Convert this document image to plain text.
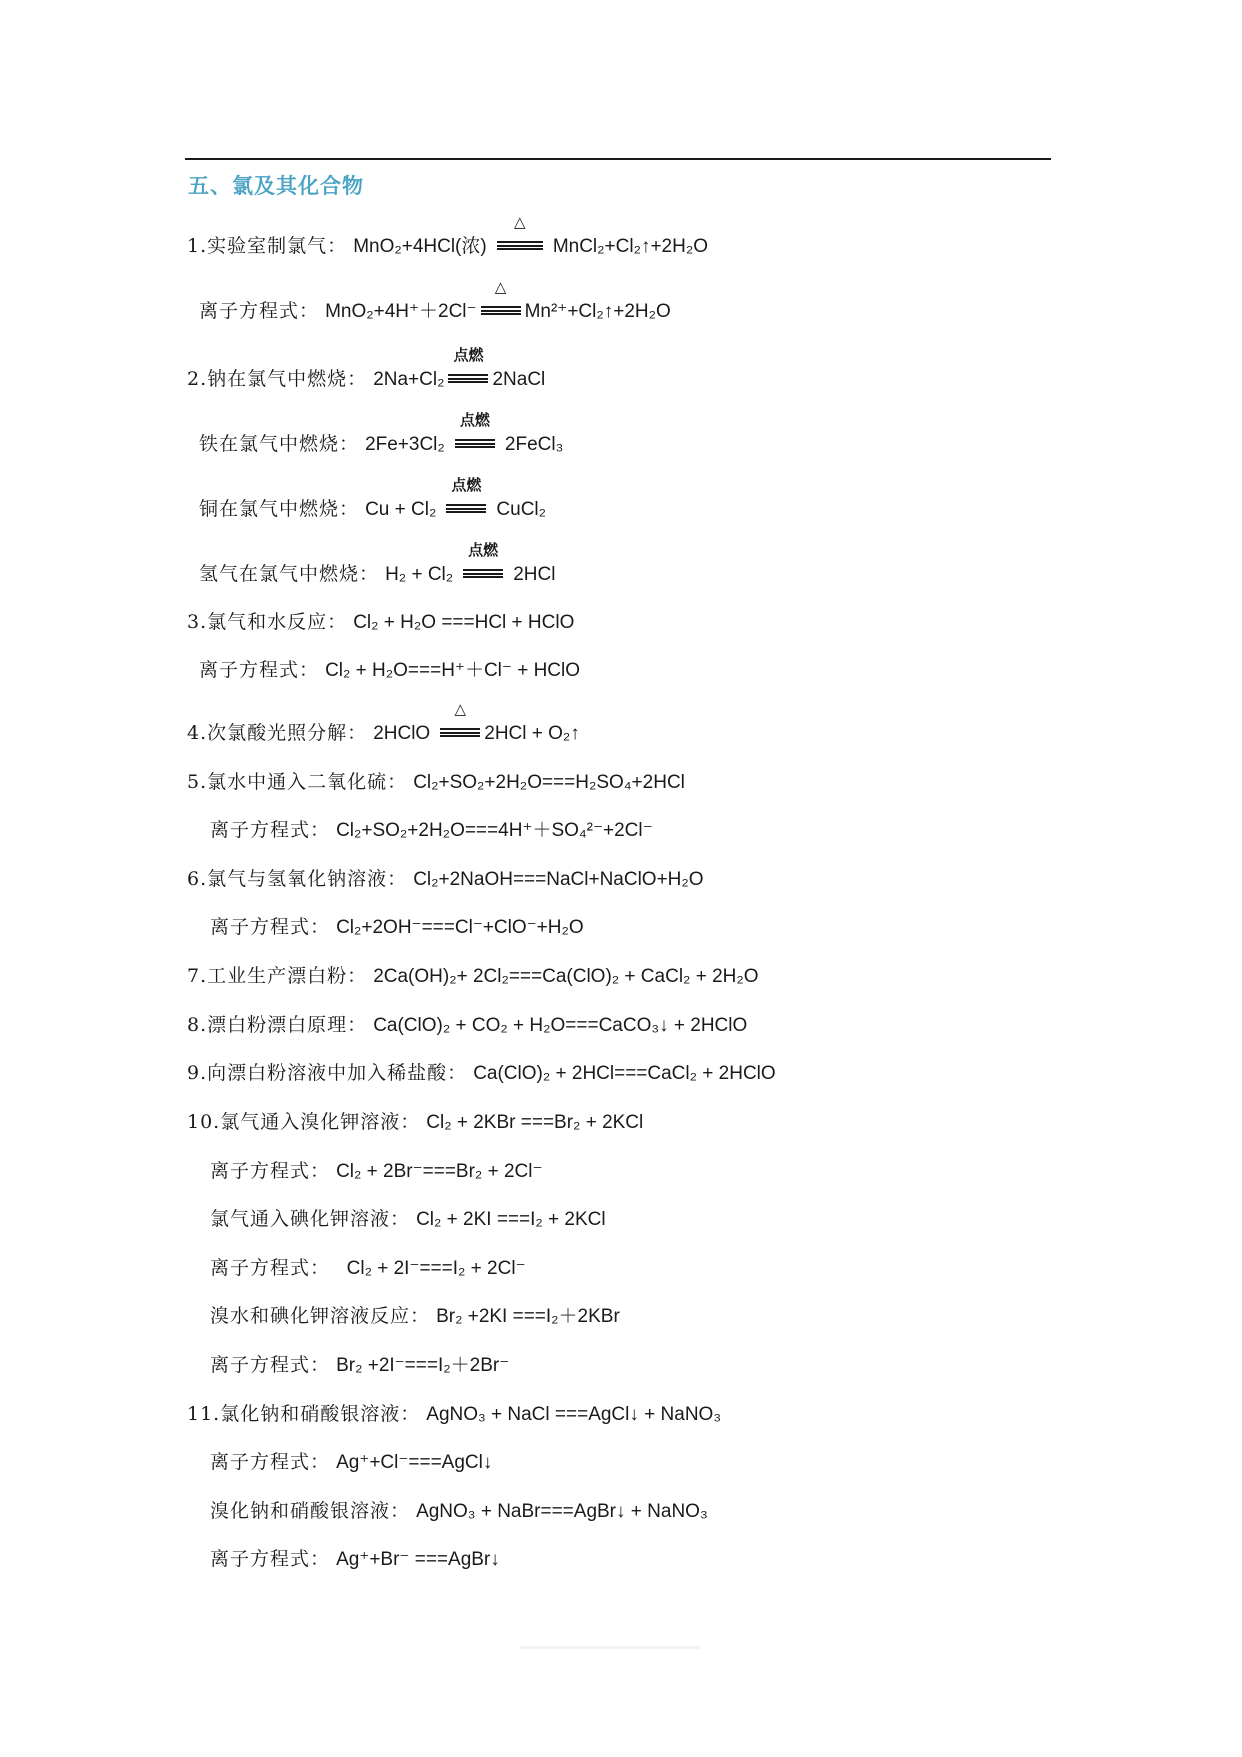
五、氯及其化合物
1.实验室制氯气： MnO₂+4HCl(浓)
△
MnCl₂+Cl₂↑+2H₂O
离子方程式： MnO₂+4H⁺＋2Cl⁻
△
Mn²⁺+Cl₂↑+2H₂O
2.钠在氯气中燃烧： 2Na+Cl₂
点燃
2NaCl
铁在氯气中燃烧： 2Fe+3Cl₂
点燃
2FeCl₃
铜在氯气中燃烧： Cu + Cl₂
点燃
CuCl₂
氢气在氯气中燃烧： H₂ + Cl₂
点燃
2HCl
3.氯气和水反应： Cl₂ + H₂O ===HCl + HClO
离子方程式： Cl₂ + H₂O===H⁺＋Cl⁻ + HClO
4.次氯酸光照分解： 2HClO
△
2HCl + O₂↑
5.氯水中通入二氧化硫： Cl₂+SO₂+2H₂O===H₂SO₄+2HCl
离子方程式： Cl₂+SO₂+2H₂O===4H⁺＋SO₄²⁻+2Cl⁻
6.氯气与氢氧化钠溶液： Cl₂+2NaOH===NaCl+NaClO+H₂O
离子方程式： Cl₂+2OH⁻===Cl⁻+ClO⁻+H₂O
7.工业生产漂白粉： 2Ca(OH)₂+ 2Cl₂===Ca(ClO)₂ + CaCl₂ + 2H₂O
8.漂白粉漂白原理： Ca(ClO)₂ + CO₂ + H₂O===CaCO₃↓ + 2HClO
9.向漂白粉溶液中加入稀盐酸： Ca(ClO)₂ + 2HCl===CaCl₂ + 2HClO
10.氯气通入溴化钾溶液： Cl₂ + 2KBr ===Br₂ + 2KCl
离子方程式： Cl₂ + 2Br⁻===Br₂ + 2Cl⁻
氯气通入碘化钾溶液： Cl₂ + 2KI ===I₂ + 2KCl
离子方程式：   Cl₂ + 2I⁻===I₂ + 2Cl⁻
溴水和碘化钾溶液反应： Br₂ +2KI ===I₂＋2KBr
离子方程式： Br₂ +2I⁻===I₂＋2Br⁻
11.氯化钠和硝酸银溶液： AgNO₃ + NaCl ===AgCl↓ + NaNO₃
离子方程式： Ag⁺+Cl⁻===AgCl↓
溴化钠和硝酸银溶液： AgNO₃ + NaBr===AgBr↓ + NaNO₃
离子方程式： Ag⁺+Br⁻ ===AgBr↓
